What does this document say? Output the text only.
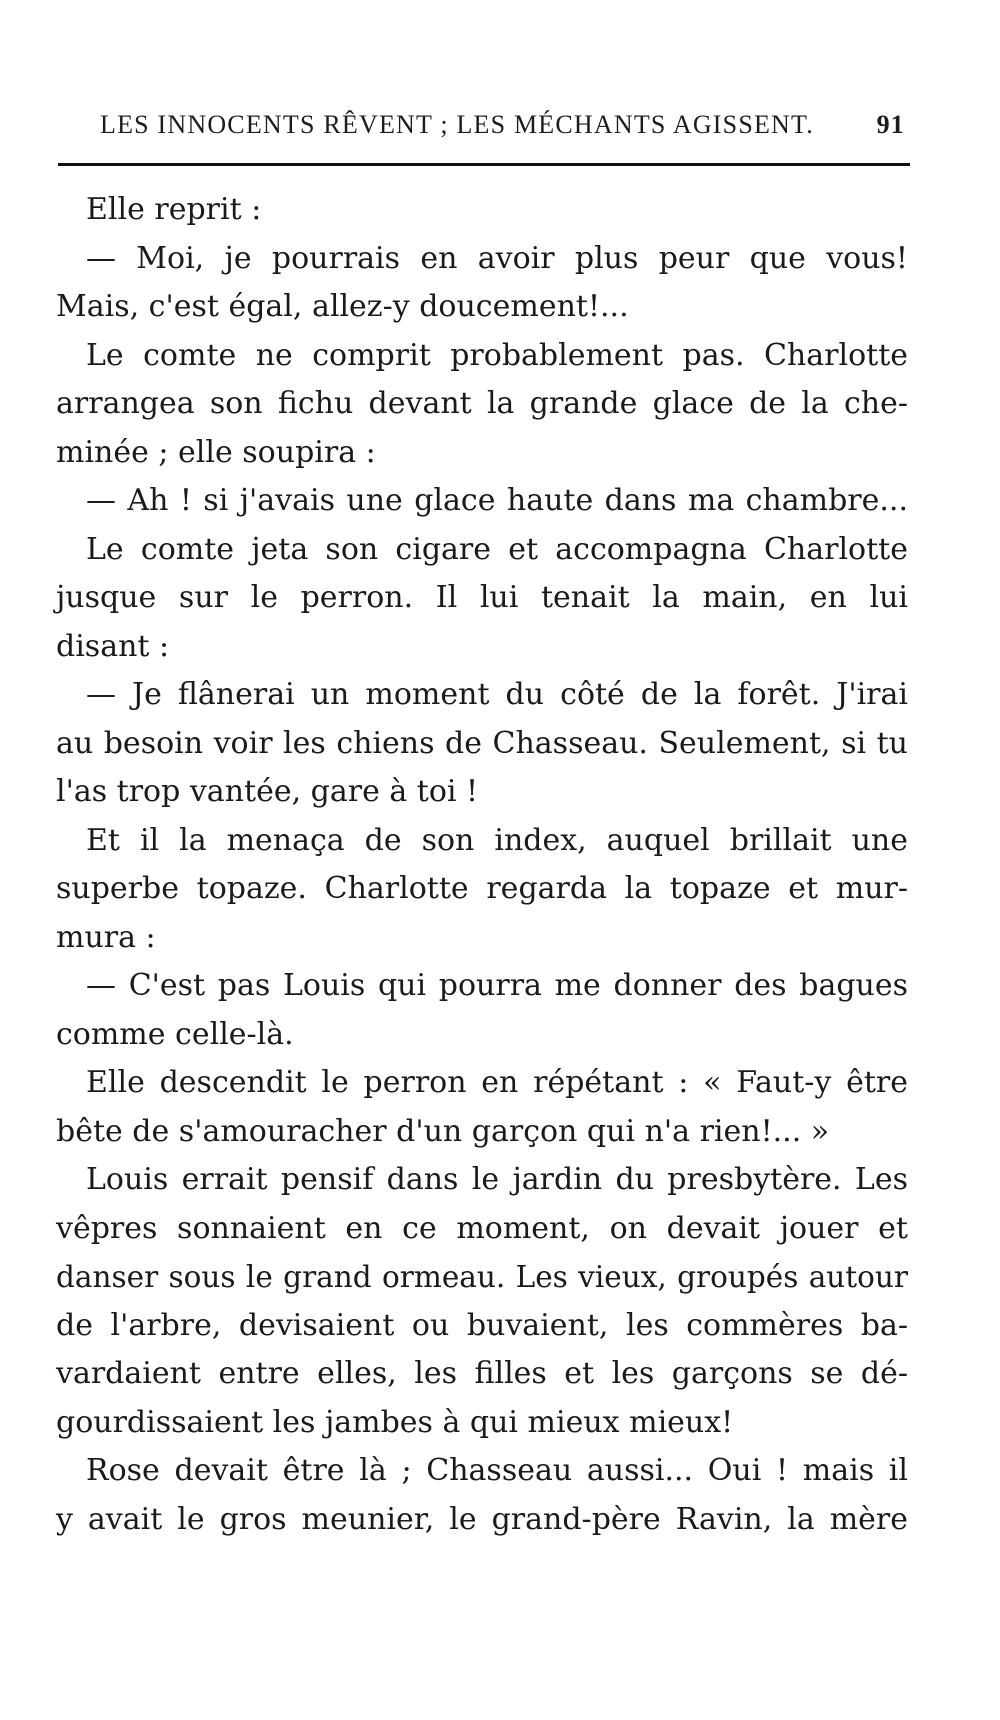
LES INNOCENTS RÊVENT ; LES MÉCHANTS AGISSENT. 91
Elle reprit :
— Moi, je pourrais en avoir plus peur que vous!
Mais, c'est égal, allez-y doucement!...
Le comte ne comprit probablement pas. Charlotte
arrangea son fichu devant la grande glace de la che-
minée ; elle soupira :
— Ah ! si j'avais une glace haute dans ma chambre...
Le comte jeta son cigare et accompagna Charlotte
jusque sur le perron. Il lui tenait la main, en lui
disant :
— Je flânerai un moment du côté de la forêt. J'irai
au besoin voir les chiens de Chasseau. Seulement, si tu
l'as trop vantée, gare à toi !
Et il la menaça de son index, auquel brillait une
superbe topaze. Charlotte regarda la topaze et mur-
mura :
— C'est pas Louis qui pourra me donner des bagues
comme celle-là.
Elle descendit le perron en répétant : « Faut-y être
bête de s'amouracher d'un garçon qui n'a rien!... »
Louis errait pensif dans le jardin du presbytère. Les
vêpres sonnaient en ce moment, on devait jouer et
danser sous le grand ormeau. Les vieux, groupés autour
de l'arbre, devisaient ou buvaient, les commères ba-
vardaient entre elles, les filles et les garçons se dé-
gourdissaient les jambes à qui mieux mieux!
Rose devait être là ; Chasseau aussi... Oui ! mais il
y avait le gros meunier, le grand-père Ravin, la mère
